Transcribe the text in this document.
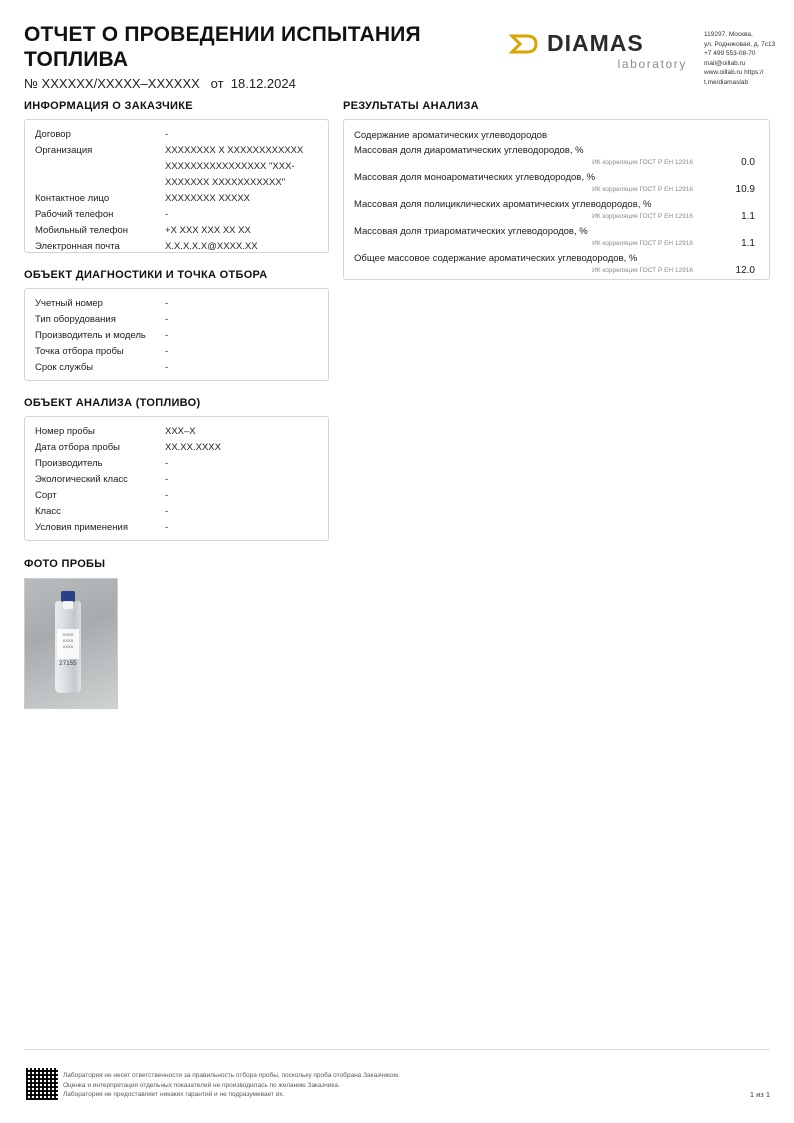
ОТЧЕТ О ПРОВЕДЕНИИ ИСПЫТАНИЯ ТОПЛИВА
№ XXXXXX/XXXXX–XXXXXX   от  18.12.2024
DIAMAS
laboratory
119297, Москва,
ул. Родниковая, д. 7с13
+7 499 553-08-70
mail@oillab.ru
www.oillab.ru https://
t.me/diamaslab
ИНФОРМАЦИЯ О ЗАКАЗЧИКЕ
Договор	-
Организация	XXXXXXXX X XXXXXXXXXXXX XXXXXXXXXXXXXXXX "XXX-XXXXXXX XXXXXXXXXXX"
Контактное лицо	XXXXXXXX XXXXX
Рабочий телефон	-
Мобильный телефон	+X XXX XXX XX XX
Электронная почта	X.X.X.X.X@XXXX.XX
ОБЪЕКТ ДИАГНОСТИКИ И ТОЧКА ОТБОРА
Учетный номер	-
Тип оборудования	-
Производитель и модель	-
Точка отбора пробы	-
Срок службы	-
ОБЪЕКТ АНАЛИЗА (ТОПЛИВО)
Номер пробы	XXX–X
Дата отбора пробы	XX.XX.XXXX
Производитель	-
Экологический класс	-
Сорт	-
Класс	-
Условия применения	-
ФОТО ПРОБЫ
XXXX XXXX XXXX
27155
РЕЗУЛЬТАТЫ АНАЛИЗА
Содержание ароматических углеводородов
Массовая доля диароматических углеводородов, %
ИК корреляция ГОСТ Р ЕН 12916	0.0
Массовая доля моноароматических углеводородов, %
ИК корреляция ГОСТ Р ЕН 12916	10.9
Массовая доля полициклических ароматических углеводородов, %
ИК корреляция ГОСТ Р ЕН 12916	1.1
Массовая доля триароматических углеводородов, %
ИК корреляция ГОСТ Р ЕН 12916	1.1
Общее массовое содержание ароматических углеводородов, %
ИК корреляция ГОСТ Р ЕН 12916	12.0
Лаборатория не несет ответственности за правильность отбора пробы, поскольку проба отобрана Заказчиком.
Оценка и интерпретация отдельных показателей не производилась по желанию Заказчика.
Лаборатория не предоставляет никаких гарантий и не подразумевает их.	1 из 1
